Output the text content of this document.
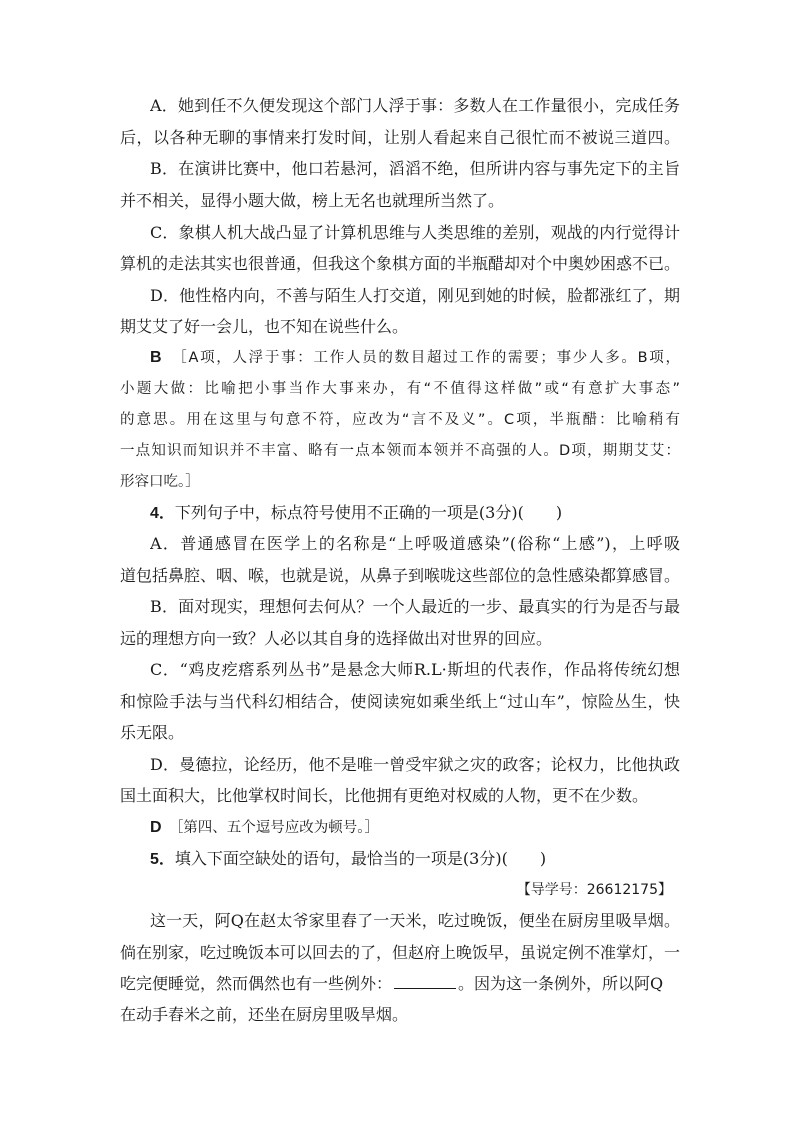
A．她到任不久便发现这个部门人浮于事：多数人在工作量很小，完成任务
后，以各种无聊的事情来打发时间，让别人看起来自己很忙而不被说三道四。
B．在演讲比赛中，他口若悬河，滔滔不绝，但所讲内容与事先定下的主旨
并不相关，显得小题大做，榜上无名也就理所当然了。
C．象棋人机大战凸显了计算机思维与人类思维的差别，观战的内行觉得计
算机的走法其实也很普通，但我这个象棋方面的半瓶醋却对个中奥妙困惑不已。
D．他性格内向，不善与陌生人打交道，刚见到她的时候，脸都涨红了，期
期艾艾了好一会儿，也不知在说些什么。
B　 ［A项，人浮于事：工作人员的数目超过工作的需要；事少人多。B项，
小题大做：比喻把小事当作大事来办，有“不值得这样做”或“有意扩大事态”
的意思。用在这里与句意不符，应改为“言不及义”。C项，半瓶醋：比喻稍有
一点知识而知识并不丰富、略有一点本领而本领并不高强的人。D项，期期艾艾：
形容口吃。］
4．下列句子中，标点符号使用不正确的一项是(3分)(　　)
A．普通感冒在医学上的名称是“上呼吸道感染”(俗称“上感”)，上呼吸
道包括鼻腔、咽、喉，也就是说，从鼻子到喉咙这些部位的急性感染都算感冒。
B．面对现实，理想何去何从？一个人最近的一步、最真实的行为是否与最
远的理想方向一致？人必以其自身的选择做出对世界的回应。
C．“鸡皮疙瘩系列丛书”是悬念大师R.L·斯坦的代表作，作品将传统幻想
和惊险手法与当代科幻相结合，使阅读宛如乘坐纸上“过山车”，惊险丛生，快
乐无限。
D．曼德拉，论经历，他不是唯一曾受牢狱之灾的政客；论权力，比他执政
国土面积大，比他掌权时间长，比他拥有更绝对权威的人物，更不在少数。
D　 ［第四、五个逗号应改为顿号。］
5．填入下面空缺处的语句，最恰当的一项是(3分)(　　)
【导学号：26612175】
这一天，阿Q在赵太爷家里舂了一天米，吃过晚饭，便坐在厨房里吸旱烟。
倘在别家，吃过晚饭本可以回去的了，但赵府上晚饭早，虽说定例不准掌灯，一
吃完便睡觉，然而偶然也有一些例外：	。因为这一条例外，所以阿Q
在动手舂米之前，还坐在厨房里吸旱烟。
